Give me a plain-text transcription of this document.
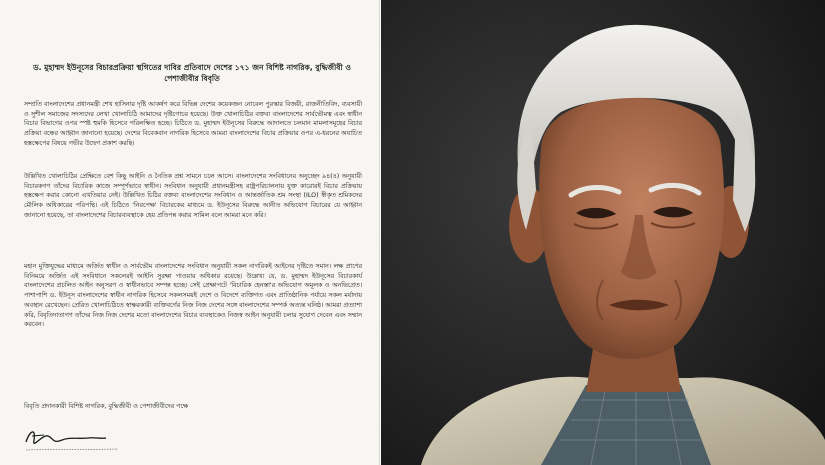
ড. মুহাম্মদ ইউনূসের বিচারপ্রক্রিয়া স্থগিতের দাবির প্রতিবাদে দেশের ১৭১ জন বিশিষ্ট নাগরিক, বুদ্ধিজীবী ও পেশাজীবীর বিবৃতি
সম্প্রতি বাংলাদেশের প্রধানমন্ত্রী শেখ হাসিনার দৃষ্টি আকর্ষণ করে বিভিন্ন দেশের কয়েকজন নোবেল পুরস্কার বিজয়ী, রাজনীতিবিদ, ব্যবসায়ী ও সুশীল সমাজের সদস্যদের লেখা খোলাচিঠি আমাদের দৃষ্টিগোচর হয়েছে। উক্ত খোলাচিঠির বক্তব্য বাংলাদেশের সার্বভৌমত্ব এবং স্বাধীন বিচার বিভাগের ওপর স্পষ্ট হুমকি হিসেবে পরিলক্ষিত হচ্ছে। চিঠিতে ড. মুহাম্মদ ইউনূসের বিরুদ্ধে আদালতে চলমান মামলাসমূহের বিচার প্রক্রিয়া বন্ধের আহ্বান জানানো হয়েছে। দেশের বিবেকবান নাগরিক হিসেবে আমরা বাংলাদেশের বিচার প্রক্রিয়ার ওপর এ-ধরনের অযাচিত হস্তক্ষেপের বিষয়ে গভীর উদ্বেগ প্রকাশ করছি।
উল্লিখিত খোলাচিঠির প্রেক্ষিতে বেশ কিছু আইনি ও নৈতিক প্রশ্ন সামনে চলে আসে। বাংলাদেশের সংবিধানের অনুচ্ছেদ ৯৪(৪) অনুযায়ী বিচারকগণ তাঁদের বিচারিক কাজে সম্পূর্ণভাবে স্বাধীন। সংবিধান অনুযায়ী প্রধানমন্ত্রীসহ রাষ্ট্রপরিচালনায় যুক্ত কারোরই বিচার প্রক্রিয়ায় হস্তক্ষেপ করার কোনো এখতিয়ার নেই। উল্লিখিত চিঠির বক্তব্য বাংলাদেশের সংবিধান ও আন্তর্জাতিক শ্রম সংস্থা (ILO) স্বীকৃত শ্রমিকদের মৌলিক অধিকারের পরিপন্থি। এই চিঠিতে 'নিরপেক্ষ' বিচারকের মাধ্যমে ড. ইউনূসের বিরুদ্ধে আনীত অভিযোগ বিচারের যে আহ্বান জানানো হয়েছে, তা বাংলাদেশের বিচারব্যবস্থাকে হেয় প্রতিপন্ন করার সামিল বলে আমরা মনে করি।
মহান মুক্তিযুদ্ধের মাধ্যমে অর্জিত স্বাধীন ও সার্বভৌম বাংলাদেশের সংবিধান অনুযায়ী সকল নাগরিকই আইনের দৃষ্টিতে সমান। লক্ষ প্রাণের বিনিময়ে অর্জিত এই সংবিধানে সকলেরই আইনি সুরক্ষা পাওয়ার অধিকার রয়েছে। উল্লেখ্য যে, ড. মুহাম্মদ ইউনূসের বিচারকার্য বাংলাদেশের প্রচলিত আইন অনুসরণ ও স্বাধীনভাবে সম্পন্ন হচ্ছে। সেই প্রেক্ষাপটে 'বিচারিক হেনস্তা'র অভিযোগ অমূলক ও অনভিপ্রেত। পাশাপাশি ড. ইউনূস বাংলাদেশের স্বাধীন নাগরিক হিসেবে সকলসময়ই দেশে ও বিদেশে ব্যক্তিগত এবং প্রাতিষ্ঠানিক পর্যায়ে সকল মর্যাদায় অবস্থান রেখেছেন। প্রেরিত খোলাচিঠিতে স্বাক্ষরকারী ব্যক্তিবর্গের নিজ নিজ দেশের সঙ্গে বাংলাদেশের সম্পর্ক অত্যন্ত ঘনিষ্ঠ। আমরা প্রত্যাশা করি, বিবৃতিদাতাগণ তাঁদের নিজ নিজ দেশের মতো বাংলাদেশের বিচার ব্যবস্থাকেও নিজস্ব আইন অনুযায়ী চলার সুযোগ দেবেন এবং সম্মান করবেন।
বিবৃতি প্রদানকারী বিশিষ্ট নাগরিক, বুদ্ধিজীবী ও পেশাজীবীদের পক্ষে
